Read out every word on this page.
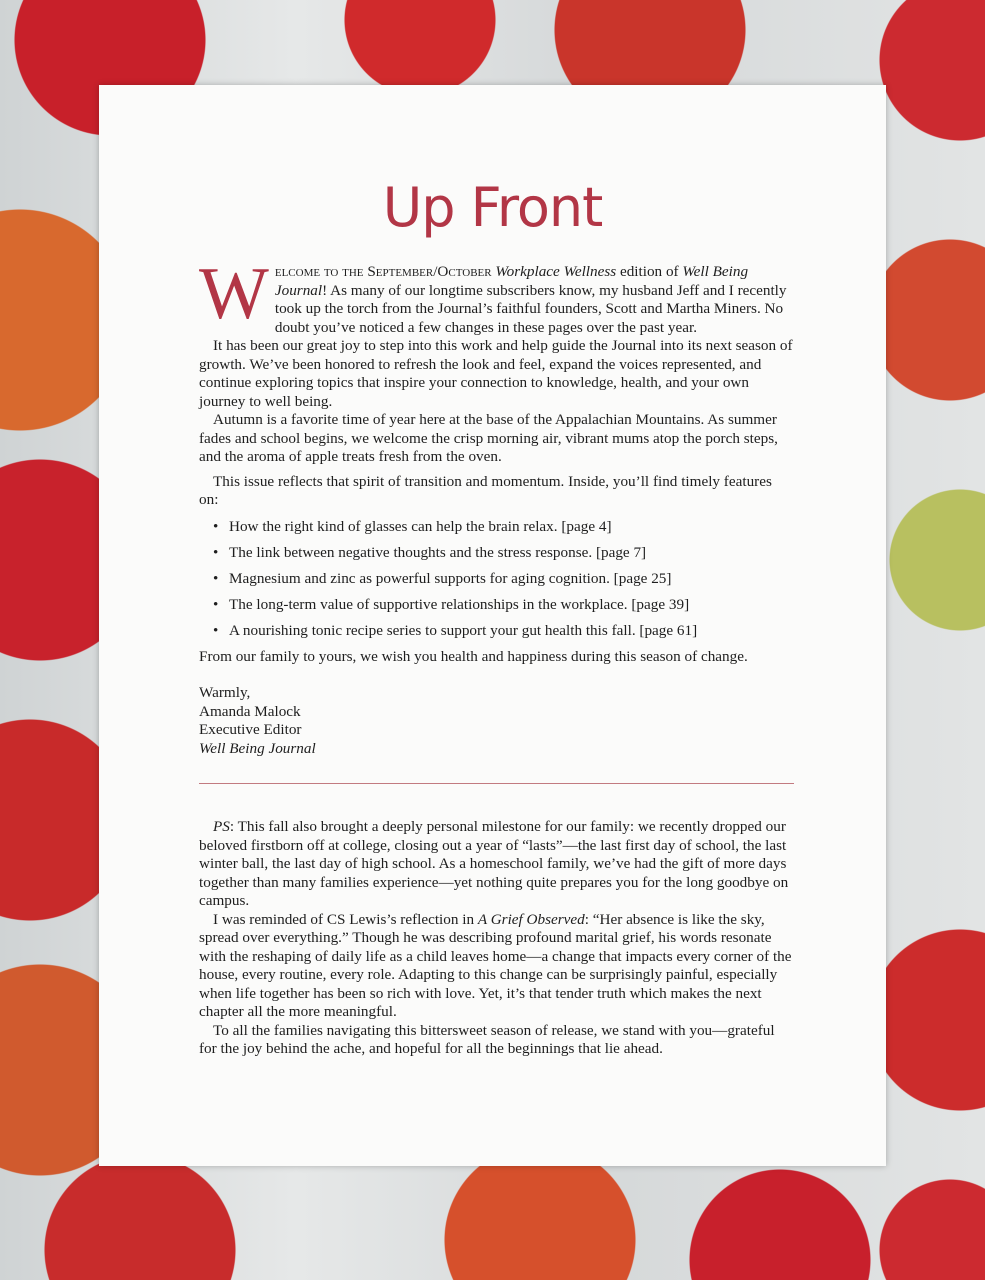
Up Front

Welcome to the September/October Workplace Wellness edition of Well Being Journal! As many of our longtime subscribers know, my husband Jeff and I recently took up the torch from the Journal’s faithful founders, Scott and Martha Miners. No doubt you’ve noticed a few changes in these pages over the past year.

It has been our great joy to step into this work and help guide the Journal into its next season of growth. We’ve been honored to refresh the look and feel, expand the voices represented, and continue exploring topics that inspire your connection to knowledge, health, and your own journey to well being.

Autumn is a favorite time of year here at the base of the Appalachian Mountains. As summer fades and school begins, we welcome the crisp morning air, vibrant mums atop the porch steps, and the aroma of apple treats fresh from the oven.

This issue reflects that spirit of transition and momentum. Inside, you’ll find timely features on:

• How the right kind of glasses can help the brain relax. [page 4]
• The link between negative thoughts and the stress response. [page 7]
• Magnesium and zinc as powerful supports for aging cognition. [page 25]
• The long-term value of supportive relationships in the workplace. [page 39]
• A nourishing tonic recipe series to support your gut health this fall. [page 61]

From our family to yours, we wish you health and happiness during this season of change.

Warmly,
Amanda Malock
Executive Editor
Well Being Journal

PS: This fall also brought a deeply personal milestone for our family: we recently dropped our beloved firstborn off at college, closing out a year of “lasts”—the last first day of school, the last winter ball, the last day of high school. As a homeschool family, we’ve had the gift of more days together than many families experience—yet nothing quite prepares you for the long goodbye on campus.

I was reminded of CS Lewis’s reflection in A Grief Observed: “Her absence is like the sky, spread over everything.” Though he was describing profound marital grief, his words resonate with the reshaping of daily life as a child leaves home—a change that impacts every corner of the house, every routine, every role. Adapting to this change can be surprisingly painful, especially when life together has been so rich with love. Yet, it’s that tender truth which makes the next chapter all the more meaningful.

To all the families navigating this bittersweet season of release, we stand with you—grateful for the joy behind the ache, and hopeful for all the beginnings that lie ahead.
